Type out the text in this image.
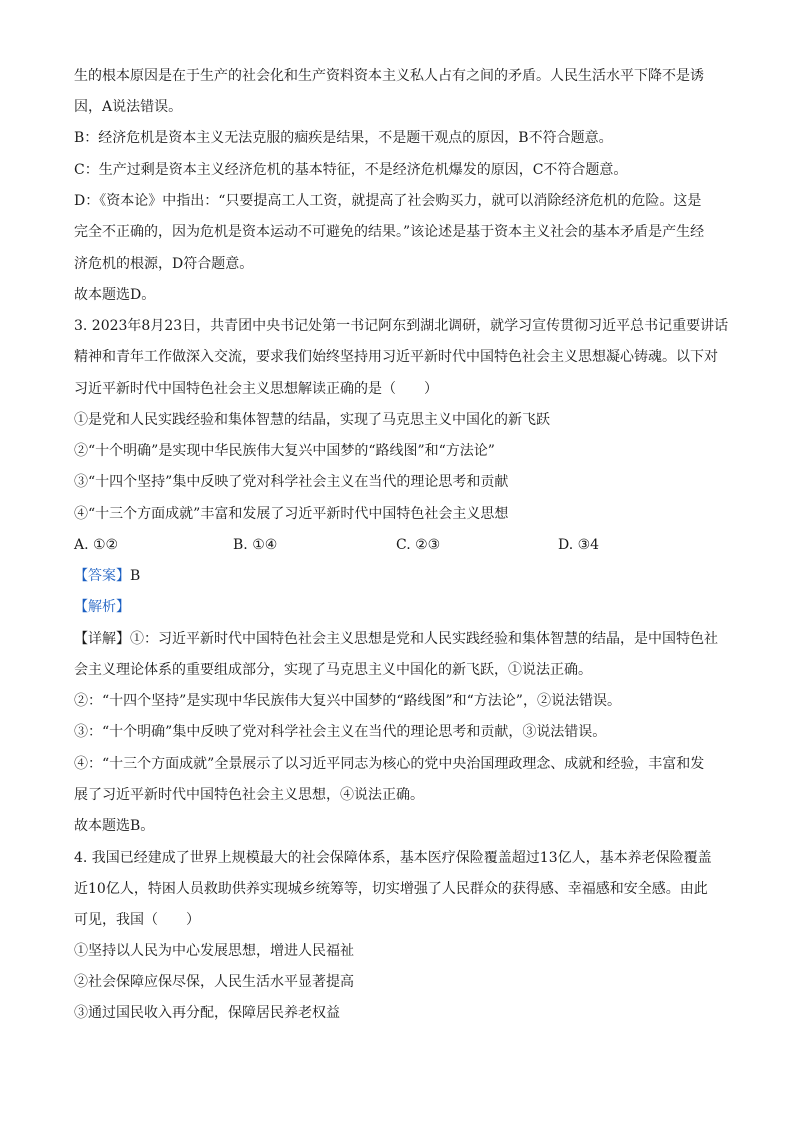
生的根本原因是在于生产的社会化和生产资料资本主义私人占有之间的矛盾。人民生活水平下降不是诱
因，A说法错误。
B：经济危机是资本主义无法克服的痼疾是结果，不是题干观点的原因，B不符合题意。
C：生产过剩是资本主义经济危机的基本特征，不是经济危机爆发的原因，C不符合题意。
D：《资本论》中指出：“只要提高工人工资，就提高了社会购买力，就可以消除经济危机的危险。这是
完全不正确的，因为危机是资本运动不可避免的结果。”该论述是基于资本主义社会的基本矛盾是产生经
济危机的根源，D符合题意。
故本题选D。
3. 2023年8月23日，共青团中央书记处第一书记阿东到湖北调研，就学习宣传贯彻习近平总书记重要讲话
精神和青年工作做深入交流，要求我们始终坚持用习近平新时代中国特色社会主义思想凝心铸魂。以下对
习近平新时代中国特色社会主义思想解读正确的是（　　）
①是党和人民实践经验和集体智慧的结晶，实现了马克思主义中国化的新飞跃
②“十个明确”是实现中华民族伟大复兴中国梦的“路线图”和“方法论”
③“十四个坚持”集中反映了党对科学社会主义在当代的理论思考和贡献
④“十三个方面成就”丰富和发展了习近平新时代中国特色社会主义思想
A. ①②	B. ①④	C. ②③	D. ③4
【答案】B
【解析】
【详解】①：习近平新时代中国特色社会主义思想是党和人民实践经验和集体智慧的结晶，是中国特色社
会主义理论体系的重要组成部分，实现了马克思主义中国化的新飞跃，①说法正确。
②：“十四个坚持”是实现中华民族伟大复兴中国梦的“路线图”和“方法论”，②说法错误。
③：“十个明确”集中反映了党对科学社会主义在当代的理论思考和贡献，③说法错误。
④：“十三个方面成就”全景展示了以习近平同志为核心的党中央治国理政理念、成就和经验，丰富和发
展了习近平新时代中国特色社会主义思想，④说法正确。
故本题选B。
4. 我国已经建成了世界上规模最大的社会保障体系，基本医疗保险覆盖超过13亿人，基本养老保险覆盖
近10亿人，特困人员救助供养实现城乡统筹等，切实增强了人民群众的获得感、幸福感和安全感。由此
可见，我国（　　）
①坚持以人民为中心发展思想，增进人民福祉
②社会保障应保尽保，人民生活水平显著提高
③通过国民收入再分配，保障居民养老权益
